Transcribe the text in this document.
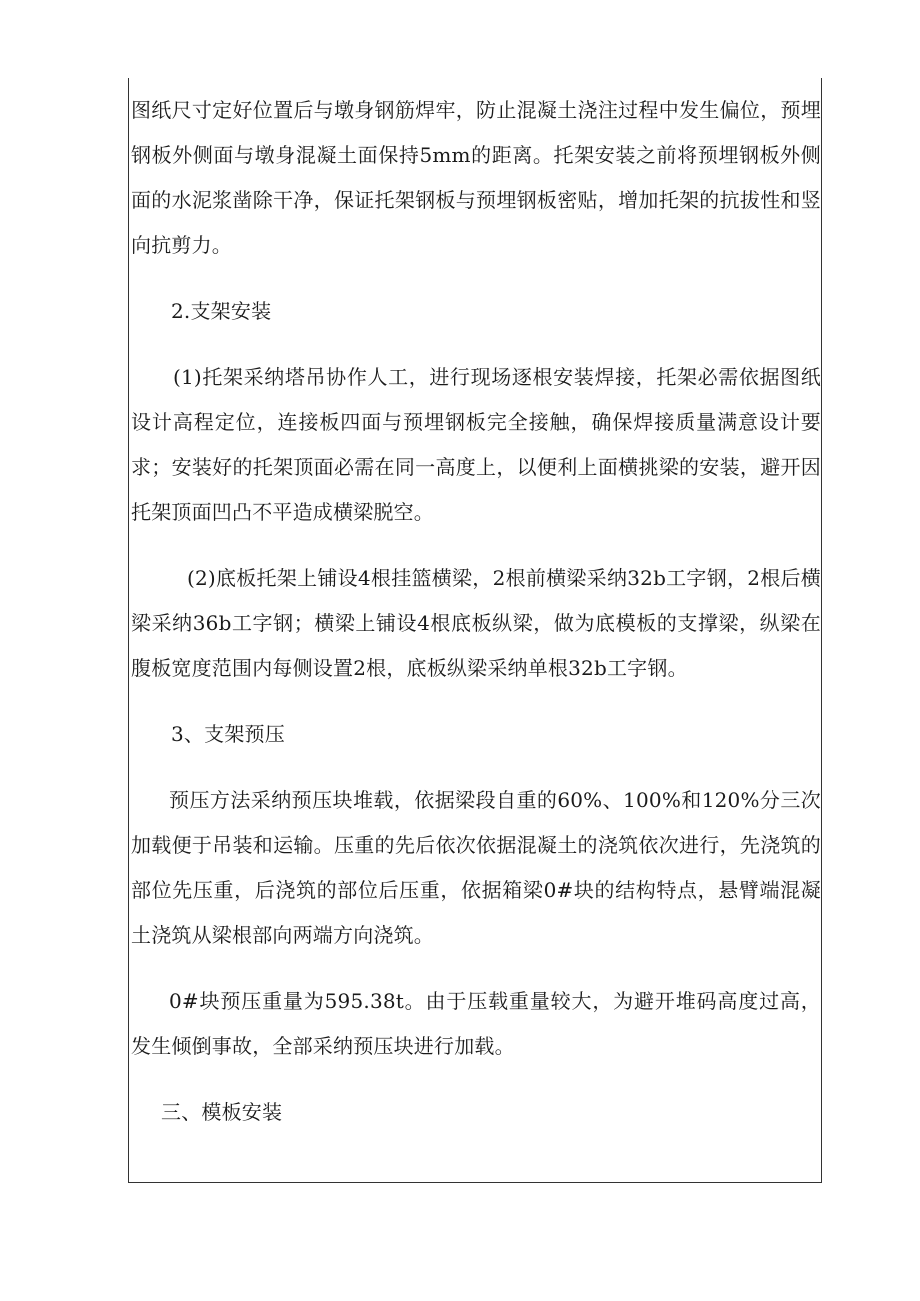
图纸尺寸定好位置后与墩身钢筋焊牢，防止混凝土浇注过程中发生偏位，预埋钢板外侧面与墩身混凝土面保持5mm的距离。托架安装之前将预埋钢板外侧面的水泥浆凿除干净，保证托架钢板与预埋钢板密贴，增加托架的抗拔性和竖向抗剪力。

2.支架安装

(1)托架采纳塔吊协作人工，进行现场逐根安装焊接，托架必需依据图纸设计高程定位，连接板四面与预埋钢板完全接触，确保焊接质量满意设计要求；安装好的托架顶面必需在同一高度上，以便利上面横挑梁的安装，避开因托架顶面凹凸不平造成横梁脱空。

(2)底板托架上铺设4根挂篮横梁，2根前横梁采纳32b工字钢，2根后横梁采纳36b工字钢；横梁上铺设4根底板纵梁，做为底模板的支撑梁，纵梁在腹板宽度范围内每侧设置2根，底板纵梁采纳单根32b工字钢。

3、支架预压

预压方法采纳预压块堆载，依据梁段自重的60%、100%和120%分三次加载便于吊装和运输。压重的先后依次依据混凝土的浇筑依次进行，先浇筑的部位先压重，后浇筑的部位后压重，依据箱梁0#块的结构特点，悬臂端混凝土浇筑从梁根部向两端方向浇筑。

0#块预压重量为595.38t。由于压载重量较大，为避开堆码高度过高，发生倾倒事故，全部采纳预压块进行加载。

三、模板安装
